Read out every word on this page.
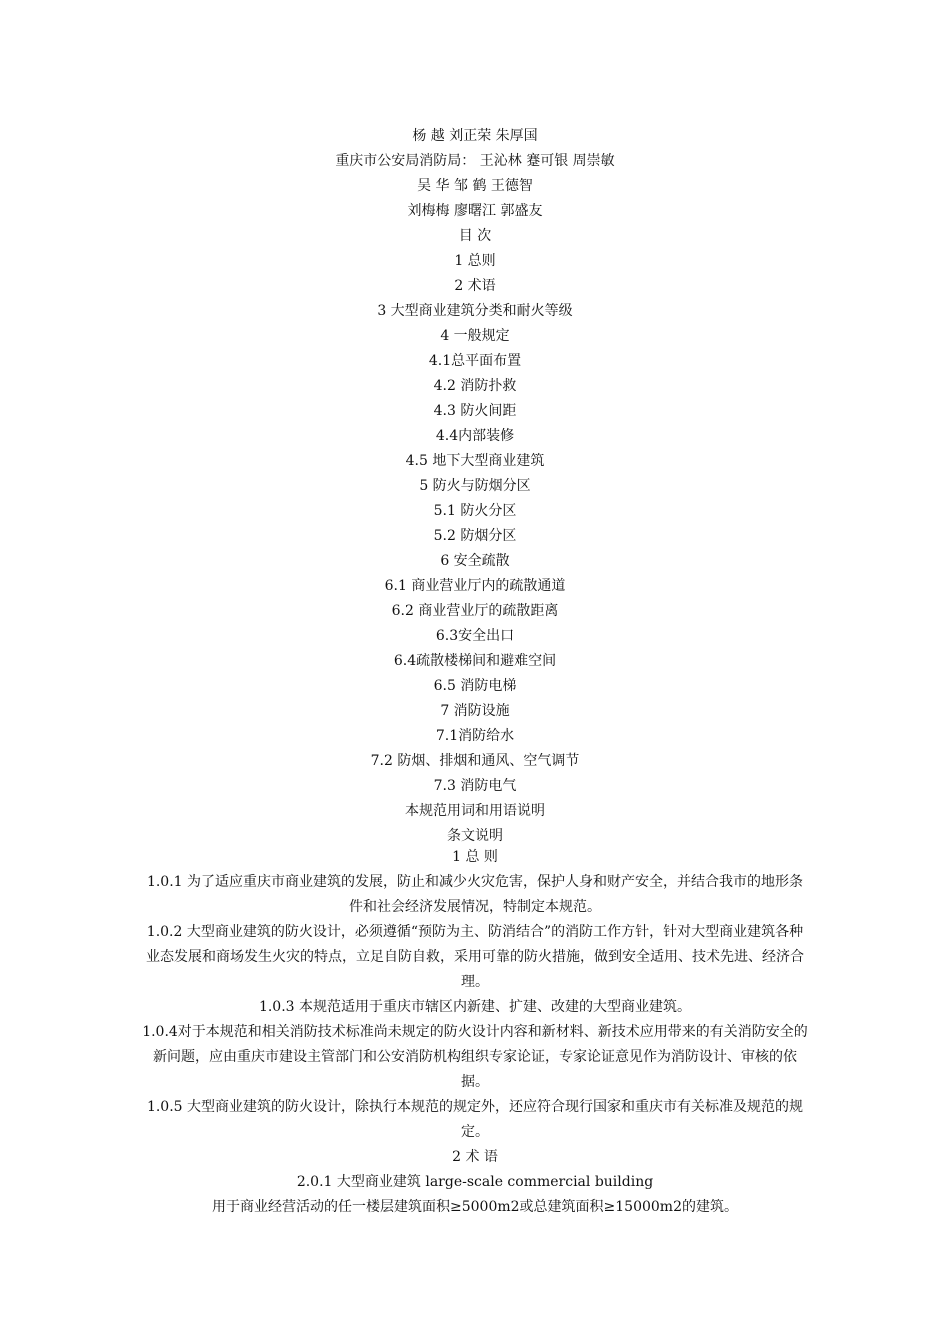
杨 越 刘正荣 朱厚国
重庆市公安局消防局： 王沁林 蹇可银 周崇敏
吴 华 邹 鹤 王德智
刘梅梅 廖曙江 郭盛友
目 次
1 总则
2 术语
3 大型商业建筑分类和耐火等级
4 一般规定
4.1总平面布置
4.2 消防扑救
4.3 防火间距
4.4内部装修
4.5 地下大型商业建筑
5 防火与防烟分区
5.1 防火分区
5.2 防烟分区
6 安全疏散
6.1 商业营业厅内的疏散通道
6.2 商业营业厅的疏散距离
6.3安全出口
6.4疏散楼梯间和避难空间
6.5 消防电梯
7 消防设施
7.1消防给水
7.2 防烟、排烟和通风、空气调节
7.3 消防电气
本规范用词和用语说明
条文说明
1 总 则
1.0.1 为了适应重庆市商业建筑的发展，防止和减少火灾危害，保护人身和财产安全，并结合我市的地形条件和社会经济发展情况，特制定本规范。
1.0.2 大型商业建筑的防火设计，必须遵循“预防为主、防消结合”的消防工作方针，针对大型商业建筑各种业态发展和商场发生火灾的特点，立足自防自救，采用可靠的防火措施，做到安全适用、技术先进、经济合理。
1.0.3 本规范适用于重庆市辖区内新建、扩建、改建的大型商业建筑。
1.0.4对于本规范和相关消防技术标准尚未规定的防火设计内容和新材料、新技术应用带来的有关消防安全的新问题，应由重庆市建设主管部门和公安消防机构组织专家论证，专家论证意见作为消防设计、审核的依据。
1.0.5 大型商业建筑的防火设计，除执行本规范的规定外，还应符合现行国家和重庆市有关标准及规范的规定。
2 术 语
2.0.1 大型商业建筑 large-scale commercial building
用于商业经营活动的任一楼层建筑面积≥5000m2或总建筑面积≥15000m2的建筑。
